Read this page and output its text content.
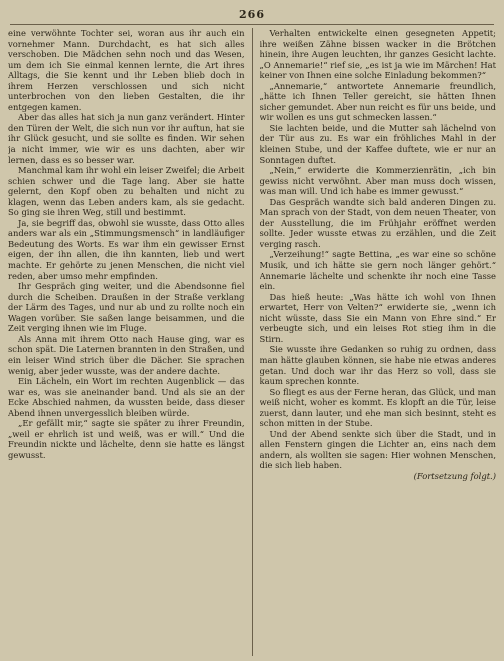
266

eine verwöhnte Tochter sei, woran aus ihr auch ein vornehmer Mann. Durchdacht, es hat sich alles verschoben. Die Mädchen sehn noch und das Wesen, um dem ich Sie einmal kennen lernte, die Art ihres Alltags, die Sie kennt und ihr Leben blieb doch in ihrem Herzen verschlossen und sich nicht unterbrochen von den lieben Gestalten, die ihr entgegen kamen.

Aber das alles hat sich ja nun ganz verändert. Hinter den Türen der Welt, die sich nun vor ihr auftun, hat sie ihr Glück gesucht, und sie sollte es finden. Wir sehen ja nicht immer, wie wir es uns dachten, aber wir lernen, dass es so besser war.

Manchmal kam ihr wohl ein leiser Zweifel; die Arbeit schien schwer und die Tage lang. Aber sie hatte gelernt, den Kopf oben zu behalten und nicht zu klagen, wenn das Leben anders kam, als sie gedacht. So ging sie ihren Weg, still und bestimmt.

Ja, sie begriff das, obwohl sie wusste, dass Otto alles anders war als ein „Stimmungsmensch“ in landläufiger Bedeutung des Worts. Es war ihm ein gewisser Ernst eigen, der ihn allen, die ihn kannten, lieb und wert machte. Er gehörte zu jenen Menschen, die nicht viel reden, aber umso mehr empfinden.

Ihr Gespräch ging weiter, und die Abendsonne fiel durch die Scheiben. Draußen in der Straße verklang der Lärm des Tages, und nur ab und zu rollte noch ein Wagen vorüber. Sie saßen lange beisammen, und die Zeit verging ihnen wie im Fluge.

Als Anna mit ihrem Otto nach Hause ging, war es schon spät. Die Laternen brannten in den Straßen, und ein leiser Wind strich über die Dächer. Sie sprachen wenig, aber jeder wusste, was der andere dachte.

Ein Lächeln, ein Wort im rechten Augenblick — das war es, was sie aneinander band. Und als sie an der Ecke Abschied nahmen, da wussten beide, dass dieser Abend ihnen unvergesslich bleiben würde.

„Er gefällt mir,“ sagte sie später zu ihrer Freundin, „weil er ehrlich ist und weiß, was er will.“ Und die Freundin nickte und lächelte, denn sie hatte es längst gewusst.

Verhalten entwickelte einen gesegneten Appetit; ihre weißen Zähne bissen wacker in die Brötchen hinein, ihre Augen leuchten, ihr ganzes Gesicht lachte. „O Annemarie!“ rief sie, „es ist ja wie im Märchen! Hat keiner von Ihnen eine solche Einladung bekommen?“

„Annemarie,“ antwortete Annemarie freundlich, „hätte ich Ihnen Teller gereicht, sie hätten Ihnen sicher gemundet. Aber nun reicht es für uns beide, und wir wollen es uns gut schmecken lassen.“

Sie lachten beide, und die Mutter sah lächelnd von der Tür aus zu. Es war ein fröhliches Mahl in der kleinen Stube, und der Kaffee duftete, wie er nur an Sonntagen duftet.

„Nein,“ erwiderte die Kommerzienrätin, „ich bin gewiss nicht verwöhnt. Aber man muss doch wissen, was man will. Und ich habe es immer gewusst.“

Das Gespräch wandte sich bald anderen Dingen zu. Man sprach von der Stadt, von dem neuen Theater, von der Ausstellung, die im Frühjahr eröffnet werden sollte. Jeder wusste etwas zu erzählen, und die Zeit verging rasch.

„Verzeihung!“ sagte Bettina, „es war eine so schöne Musik, und ich hätte sie gern noch länger gehört.“ Annemarie lächelte und schenkte ihr noch eine Tasse ein.

Das hieß heute: „Was hätte ich wohl von Ihnen erwartet, Herr von Velten?“ erwiderte sie, „wenn ich nicht wüsste, dass Sie ein Mann von Ehre sind.“ Er verbeugte sich, und ein leises Rot stieg ihm in die Stirn.

Sie wusste ihre Gedanken so ruhig zu ordnen, dass man hätte glauben können, sie habe nie etwas anderes getan. Und doch war ihr das Herz so voll, dass sie kaum sprechen konnte.

So fliegt es aus der Ferne heran, das Glück, und man weiß nicht, woher es kommt. Es klopft an die Tür, leise zuerst, dann lauter, und ehe man sich besinnt, steht es schon mitten in der Stube.

Und der Abend senkte sich über die Stadt, und in allen Fenstern gingen die Lichter an, eins nach dem andern, als wollten sie sagen: Hier wohnen Menschen, die sich lieb haben.

(Fortsetzung folgt.)
